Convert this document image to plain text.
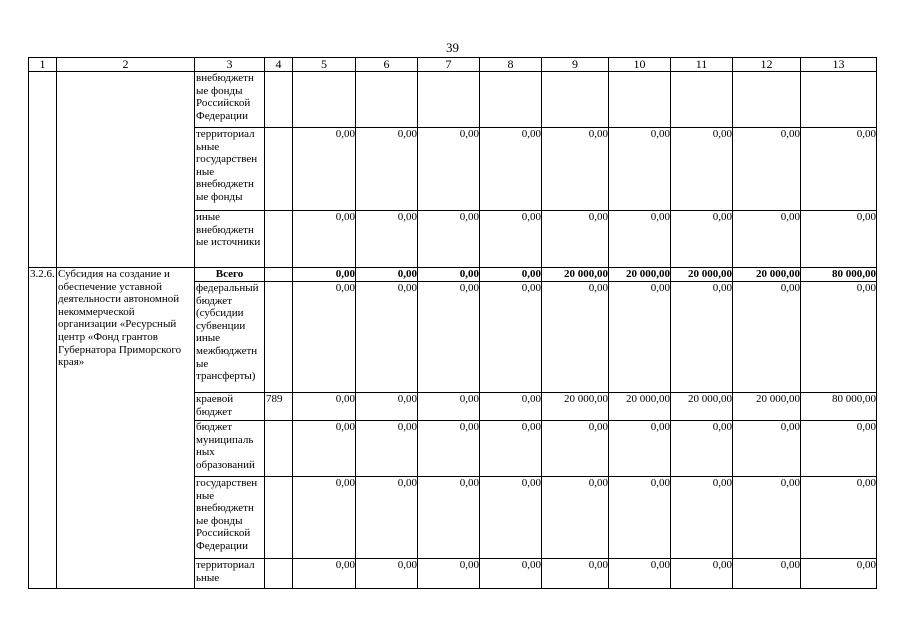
39
1	2	3	4	5	6	7	8	9	10	11	12	13
		внебюджетн ые фонды Российской Федерации										
		территориал ьные государствен ные внебюджетн ые фонды		0,00	0,00	0,00	0,00	0,00	0,00	0,00	0,00	0,00
		иные внебюджетн ые источники		0,00	0,00	0,00	0,00	0,00	0,00	0,00	0,00	0,00
3.2.6.	Субсидия на создание и обеспечение уставной деятельности автономной некоммерческой организации «Ресурсный центр «Фонд грантов Губернатора Приморского края»	Всего		0,00	0,00	0,00	0,00	20 000,00	20 000,00	20 000,00	20 000,00	80 000,00
		федеральный бюджет (субсидии субвенции иные межбюджетн ые трансферты)		0,00	0,00	0,00	0,00	0,00	0,00	0,00	0,00	0,00
		краевой бюджет	789	0,00	0,00	0,00	0,00	20 000,00	20 000,00	20 000,00	20 000,00	80 000,00
		бюджет муниципаль ных образований		0,00	0,00	0,00	0,00	0,00	0,00	0,00	0,00	0,00
		государствен ные внебюджетн ые фонды Российской Федерации		0,00	0,00	0,00	0,00	0,00	0,00	0,00	0,00	0,00
		территориал ьные		0,00	0,00	0,00	0,00	0,00	0,00	0,00	0,00	0,00
